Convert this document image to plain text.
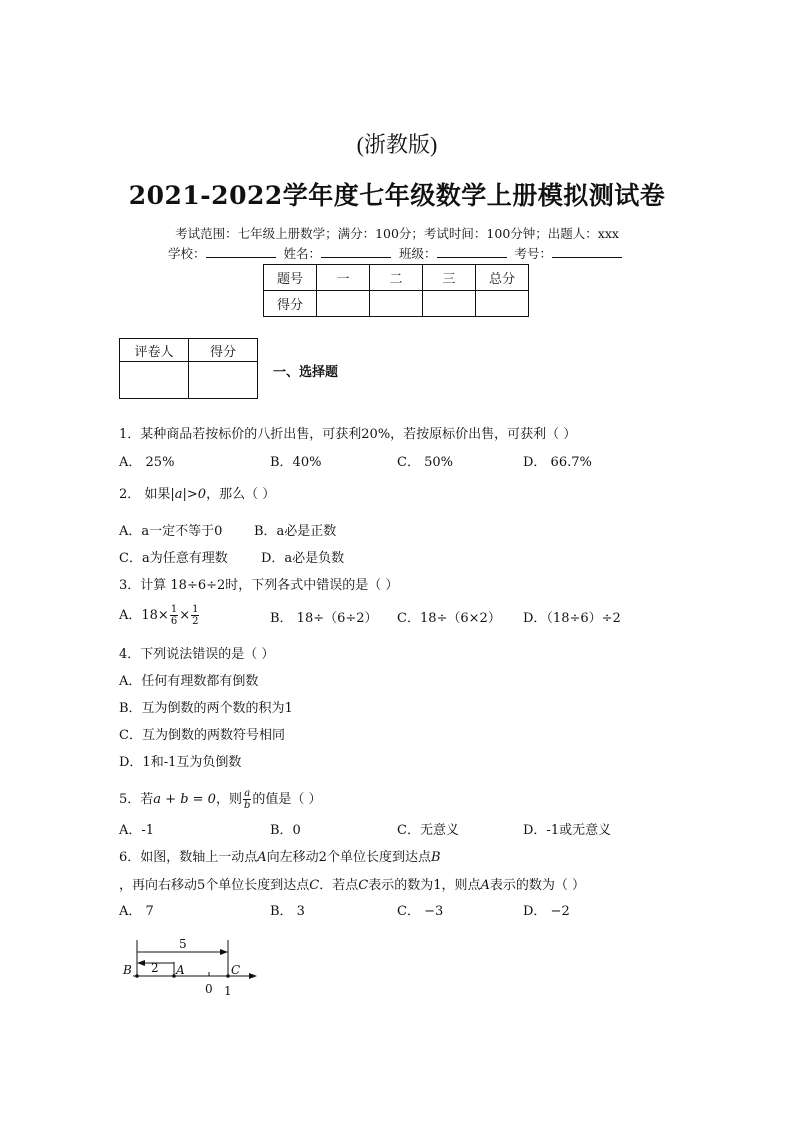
(浙教版)
2021-2022学年度七年级数学上册模拟测试卷
考试范围：七年级上册数学；满分：100分；考试时间：100分钟；出题人：xxx
学校：	姓名：	班级：	考号：
题号	一	二	三	总分
得分				
评卷人	得分

一、选择题
1．某种商品若按标价的八折出售，可获利20%，若按原标价出售，可获利（ ）
A． 25%	B．40%	C． 50%	D． 66.7%
2． 如果|a|>0，那么（ ）
A．a一定不等于0 B．a必是正数
C．a为任意有理数	D．a必是负数
3．计算 18÷6÷2时，下列各式中错误的是（ ）
A．$18\times \frac{1}{6} \times \frac{1}{2}$	B． 18÷（6÷2） C．18÷（6×2） D．（18÷6）÷2
4．下列说法错误的是（ ）
A．任何有理数都有倒数
B．互为倒数的两个数的积为1
C．互为倒数的两数符号相同
D．1和-1互为负倒数
5．若a + b = 0，则 $\frac{a}{b}$ 的值是（ ）
A．-1	B．0	C．无意义	D．-1或无意义
6．如图，数轴上一动点A向左移动2个单位长度到达点B
，再向右移动5个单位长度到达点C．若点C表示的数为1，则点A表示的数为（ ）
A． 7	B． 3	C． −3	D． −2
5
2
B	A	C
0 1
